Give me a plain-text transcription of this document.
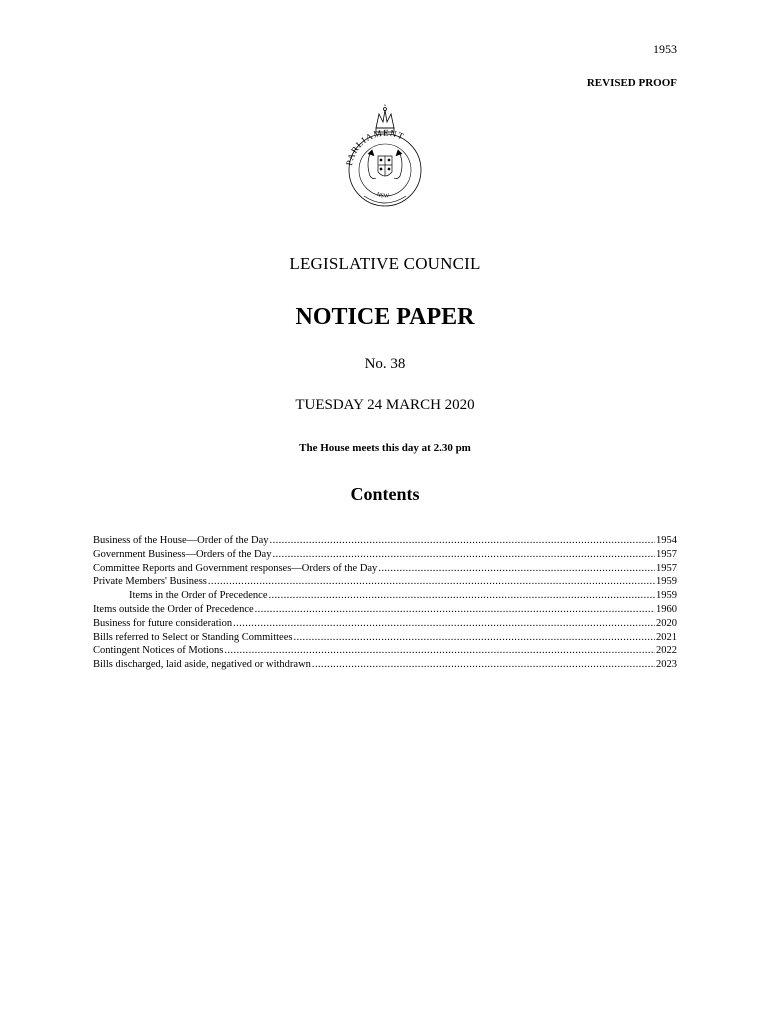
1953
REVISED PROOF
PARLIAMENT
NSW
LEGISLATIVE COUNCIL
NOTICE PAPER
No. 38
TUESDAY 24 MARCH 2020
The House meets this day at 2.30 pm
Contents
Business of the House—Order of the Day .....	1954
Government Business—Orders of the Day .....	1957
Committee Reports and Government responses—Orders of the Day .....	1957
Private Members' Business .....	1959
Items in the Order of Precedence .....	1959
Items outside the Order of Precedence .....	1960
Business for future consideration .....	2020
Bills referred to Select or Standing Committees .....	2021
Contingent Notices of Motions .....	2022
Bills discharged, laid aside, negatived or withdrawn .....	2023
